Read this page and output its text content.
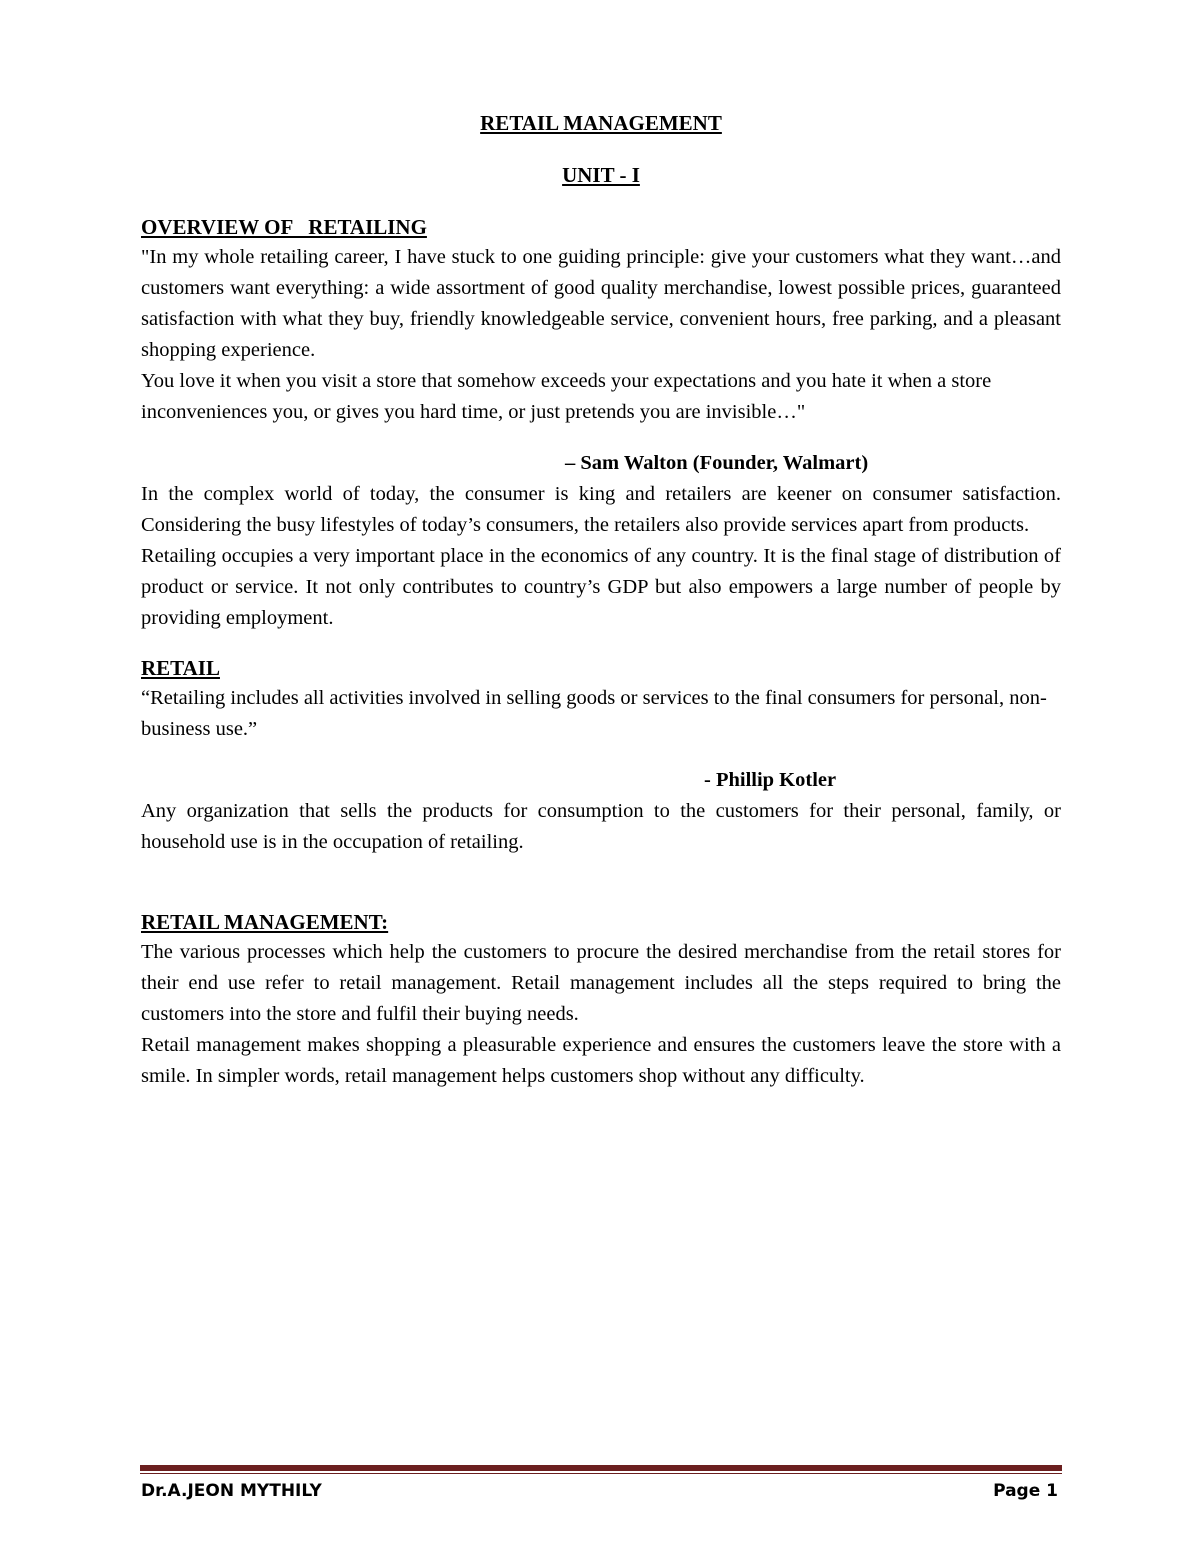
RETAIL MANAGEMENT

UNIT - I

OVERVIEW OF   RETAILING

"In my whole retailing career, I have stuck to one guiding principle: give your customers what they want…and customers want everything: a wide assortment of good quality merchandise, lowest possible prices, guaranteed satisfaction with what they buy, friendly knowledgeable service, convenient hours, free parking, and a pleasant shopping experience.

You love it when you visit a store that somehow exceeds your expectations and you hate it when a store inconveniences you, or gives you hard time, or just pretends you are invisible…"

– Sam Walton (Founder, Walmart)

In the complex world of today, the consumer is king and retailers are keener on consumer satisfaction. Considering the busy lifestyles of today’s consumers, the retailers also provide services apart from products.

Retailing occupies a very important place in the economics of any country. It is the final stage of distribution of product or service. It not only contributes to country’s GDP but also empowers a large number of people by providing employment.

RETAIL

“Retailing includes all activities involved in selling goods or services to the final consumers for personal, non-business use.”

- Phillip Kotler

Any organization that sells the products for consumption to the customers for their personal, family, or household use is in the occupation of retailing.

RETAIL MANAGEMENT:

The various processes which help the customers to procure the desired merchandise from the retail stores for their end use refer to retail management. Retail management includes all the steps required to bring the customers into the store and fulfil their buying needs.

Retail management makes shopping a pleasurable experience and ensures the customers leave the store with a smile. In simpler words, retail management helps customers shop without any difficulty.

Dr.A.JEON MYTHILY	Page 1
